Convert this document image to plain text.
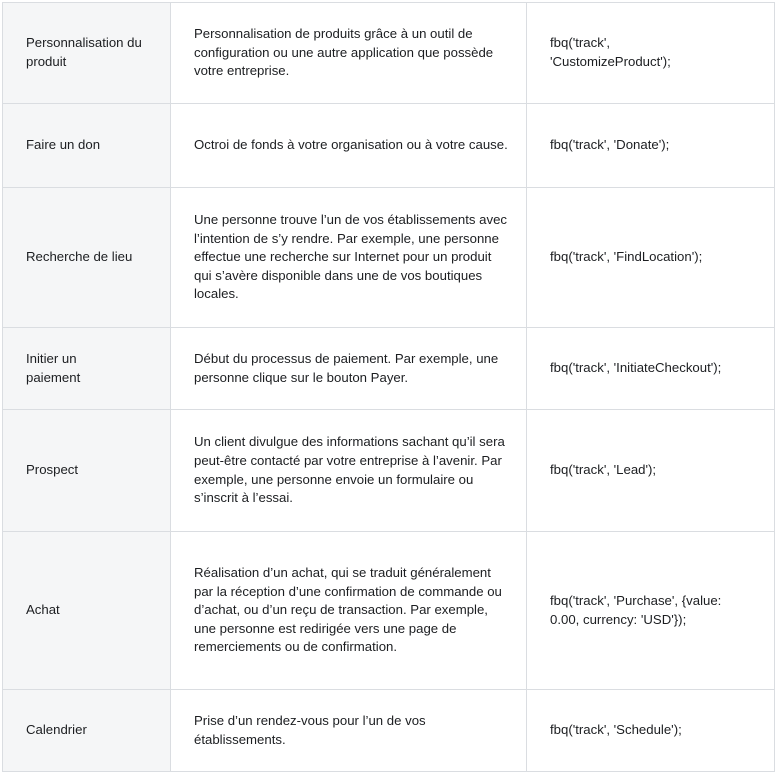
Personnalisation du produit	Personnalisation de produits grâce à un outil de configuration ou une autre application que possède votre entreprise.	fbq('track', 'CustomizeProduct');

Faire un don	Octroi de fonds à votre organisation ou à votre cause.	fbq('track', 'Donate');

Recherche de lieu	Une personne trouve l’un de vos établissements avec l’intention de s’y rendre. Par exemple, une personne effectue une recherche sur Internet pour un produit qui s’avère disponible dans une de vos boutiques locales.	fbq('track', 'FindLocation');

Initier un paiement	Début du processus de paiement. Par exemple, une personne clique sur le bouton Payer.	fbq('track', 'InitiateCheckout');

Prospect	Un client divulgue des informations sachant qu’il sera peut-être contacté par votre entreprise à l’avenir. Par exemple, une personne envoie un formulaire ou s’inscrit à l’essai.	fbq('track', 'Lead');

Achat	Réalisation d’un achat, qui se traduit généralement par la réception d’une confirmation de commande ou d’achat, ou d’un reçu de transaction. Par exemple, une personne est redirigée vers une page de remerciements ou de confirmation.	fbq('track', 'Purchase', {value: 0.00, currency: 'USD'});

Calendrier	Prise d’un rendez-vous pour l’un de vos établissements.	fbq('track', 'Schedule');
